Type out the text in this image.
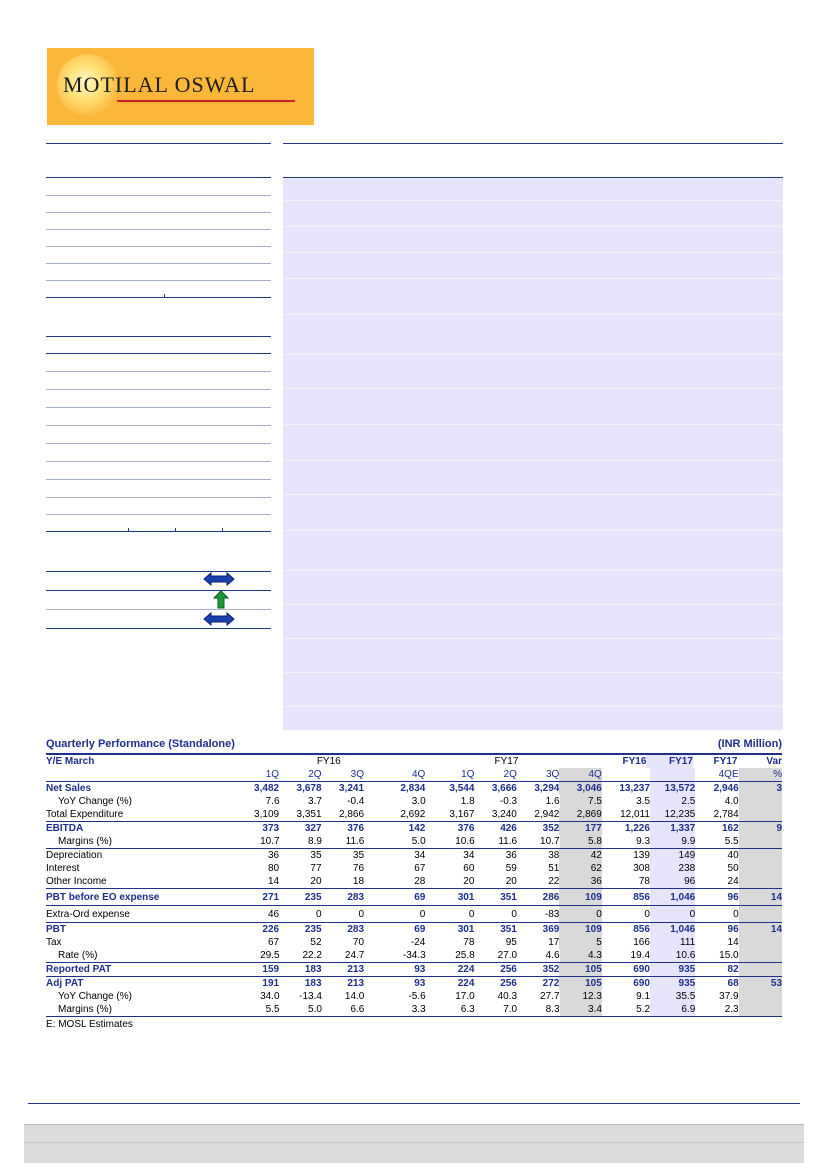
MOTILAL OSWAL
Quarterly Performance (Standalone)	(INR Million)
Y/E March	FY16	FY17	FY16	FY17	FY17	Var
1Q	2Q	3Q	4Q	1Q	2Q	3Q	4Q	4QE	%
Net Sales	3,482	3,678	3,241	2,834	3,544	3,666	3,294	3,046	13,237	13,572	2,946	3
YoY Change (%)	7.6	3.7	-0.4	3.0	1.8	-0.3	1.6	7.5	3.5	2.5	4.0
Total Expenditure	3,109	3,351	2,866	2,692	3,167	3,240	2,942	2,869	12,011	12,235	2,784
EBITDA	373	327	376	142	376	426	352	177	1,226	1,337	162	9
Margins (%)	10.7	8.9	11.6	5.0	10.6	11.6	10.7	5.8	9.3	9.9	5.5
Depreciation	36	35	35	34	34	36	38	42	139	149	40
Interest	80	77	76	67	60	59	51	62	308	238	50
Other Income	14	20	18	28	20	20	22	36	78	96	24
PBT before EO expense	271	235	283	69	301	351	286	109	856	1,046	96	14
Extra-Ord expense	46	0	0	0	0	0	-83	0	0	0	0
PBT	226	235	283	69	301	351	369	109	856	1,046	96	14
Tax	67	52	70	-24	78	95	17	5	166	111	14
Rate (%)	29.5	22.2	24.7	-34.3	25.8	27.0	4.6	4.3	19.4	10.6	15.0
Reported PAT	159	183	213	93	224	256	352	105	690	935	82
Adj PAT	191	183	213	93	224	256	272	105	690	935	68	53
YoY Change (%)	34.0	-13.4	14.0	-5.6	17.0	40.3	27.7	12.3	9.1	35.5	37.9
Margins (%)	5.5	5.0	6.6	3.3	6.3	7.0	8.3	3.4	5.2	6.9	2.3
E: MOSL Estimates
